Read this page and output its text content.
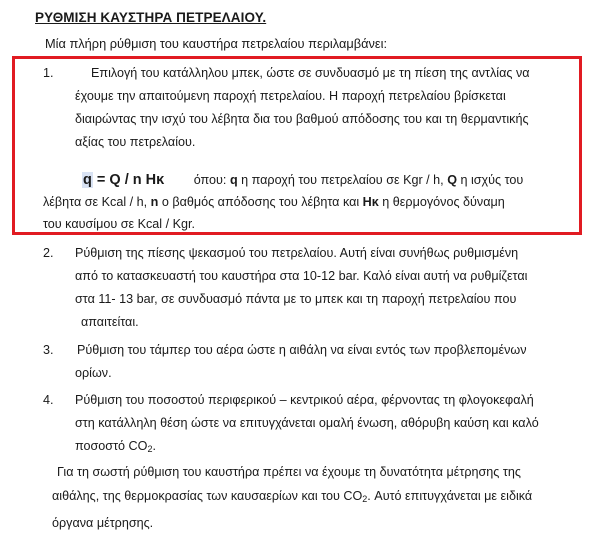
ΡΥΘΜΙΣΗ ΚΑΥΣΤΗΡΑ ΠΕΤΡΕΛΑΙΟΥ.
Μία πλήρη ρύθμιση του καυστήρα πετρελαίου περιλαμβάνει:
1.	Επιλογή του κατάλληλου μπεκ, ώστε σε συνδυασμό με τη πίεση της αντλίας να
έχουμε την απαιτούμενη παροχή πετρελαίου. Η παροχή πετρελαίου βρίσκεται
διαιρώντας την ισχύ του λέβητα δια του βαθμού απόδοσης του και τη θερμαντικής
αξίας του πετρελαίου.
q = Q / n Hκ όπου: q η παροχή του πετρελαίου σε Kgr / h, Q η ισχύς του
λέβητα σε Kcal / h, n ο βαθμός απόδοσης του λέβητα και Hκ η θερμογόνος δύναμη
του καυσίμου σε Kcal / Kgr.
2. Ρύθμιση της πίεσης ψεκασμού του πετρελαίου. Αυτή είναι συνήθως ρυθμισμένη
από το κατασκευαστή του καυστήρα στα 10-12 bar. Καλό είναι αυτή να ρυθμίζεται
στα 11- 13 bar, σε συνδυασμό πάντα με το μπεκ και τη παροχή πετρελαίου που
απαιτείται.
3. Ρύθμιση του τάμπερ του αέρα ώστε η αιθάλη να είναι εντός των προβλεπομένων
ορίων.
4. Ρύθμιση του ποσοστού περιφερικού – κεντρικού αέρα, φέρνοντας τη φλογοκεφαλή
στη κατάλληλη θέση ώστε να επιτυγχάνεται ομαλή ένωση, αθόρυβη καύση και καλό
ποσοστό $CO_2$.
Για τη σωστή ρύθμιση του καυστήρα πρέπει να έχουμε τη δυνατότητα μέτρησης της
αιθάλης, της θερμοκρασίας των καυσαερίων και του $CO_2$. Αυτό επιτυγχάνεται με ειδικά
όργανα μέτρησης.
